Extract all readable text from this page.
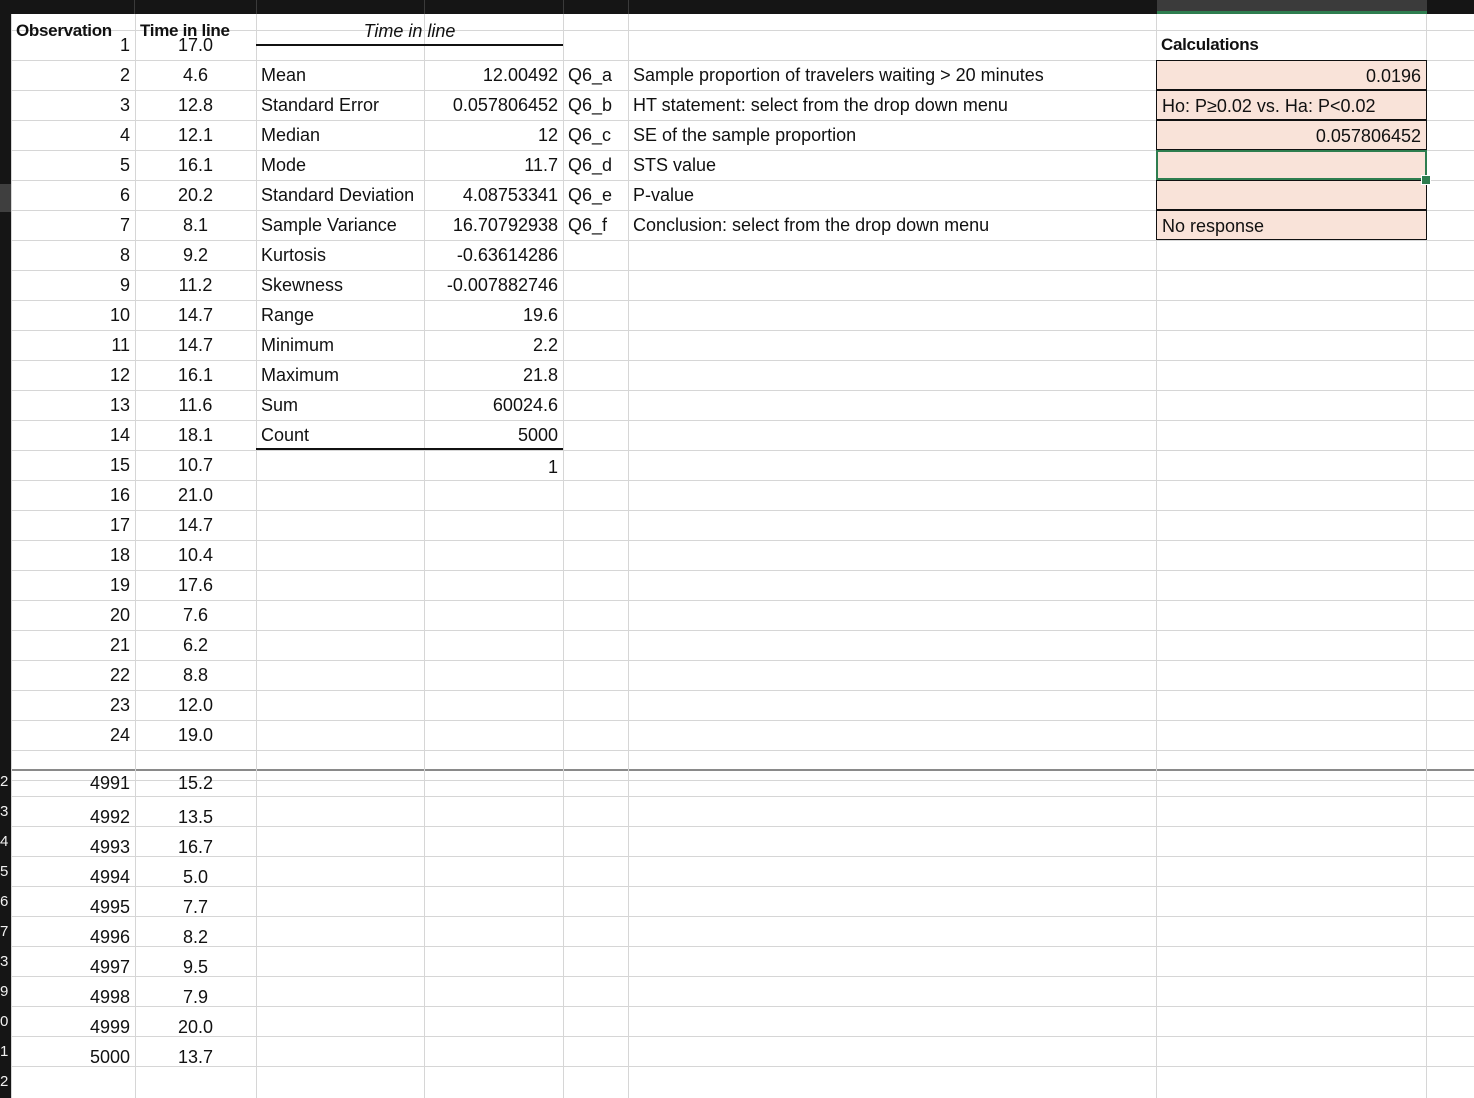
2
3
4
5
6
7
3
9
0
1
2
Observation	Time in line	Time in line
1	17.0
2	4.6
3	12.8
4	12.1
5	16.1
6	20.2
7	8.1
8	9.2
9	11.2
10	14.7
11	14.7
12	16.1
13	11.6
14	18.1
15	10.7
16	21.0
17	14.7
18	10.4
19	17.6
20	7.6
21	6.2
22	8.8
23	12.0
24	19.0
Mean	12.00492
Standard Error	0.057806452
Median	12
Mode	11.7
Standard Deviation	4.08753341
Sample Variance	16.70792938
Kurtosis	-0.63614286
Skewness	-0.007882746
Range	19.6
Minimum	2.2
Maximum	21.8
Sum	60024.6
Count	5000
1
Calculations
Q6_a	Sample proportion of travelers waiting > 20 minutes	0.0196
Q6_b	HT statement: select from the drop down menu	Ho: P≥0.02 vs. Ha: P<0.02
Q6_c	SE of the sample proportion	0.057806452
Q6_d	STS value
Q6_e	P-value
Q6_f	Conclusion: select from the drop down menu	No response
4991	15.2
4992	13.5
4993	16.7
4994	5.0
4995	7.7
4996	8.2
4997	9.5
4998	7.9
4999	20.0
5000	13.7
